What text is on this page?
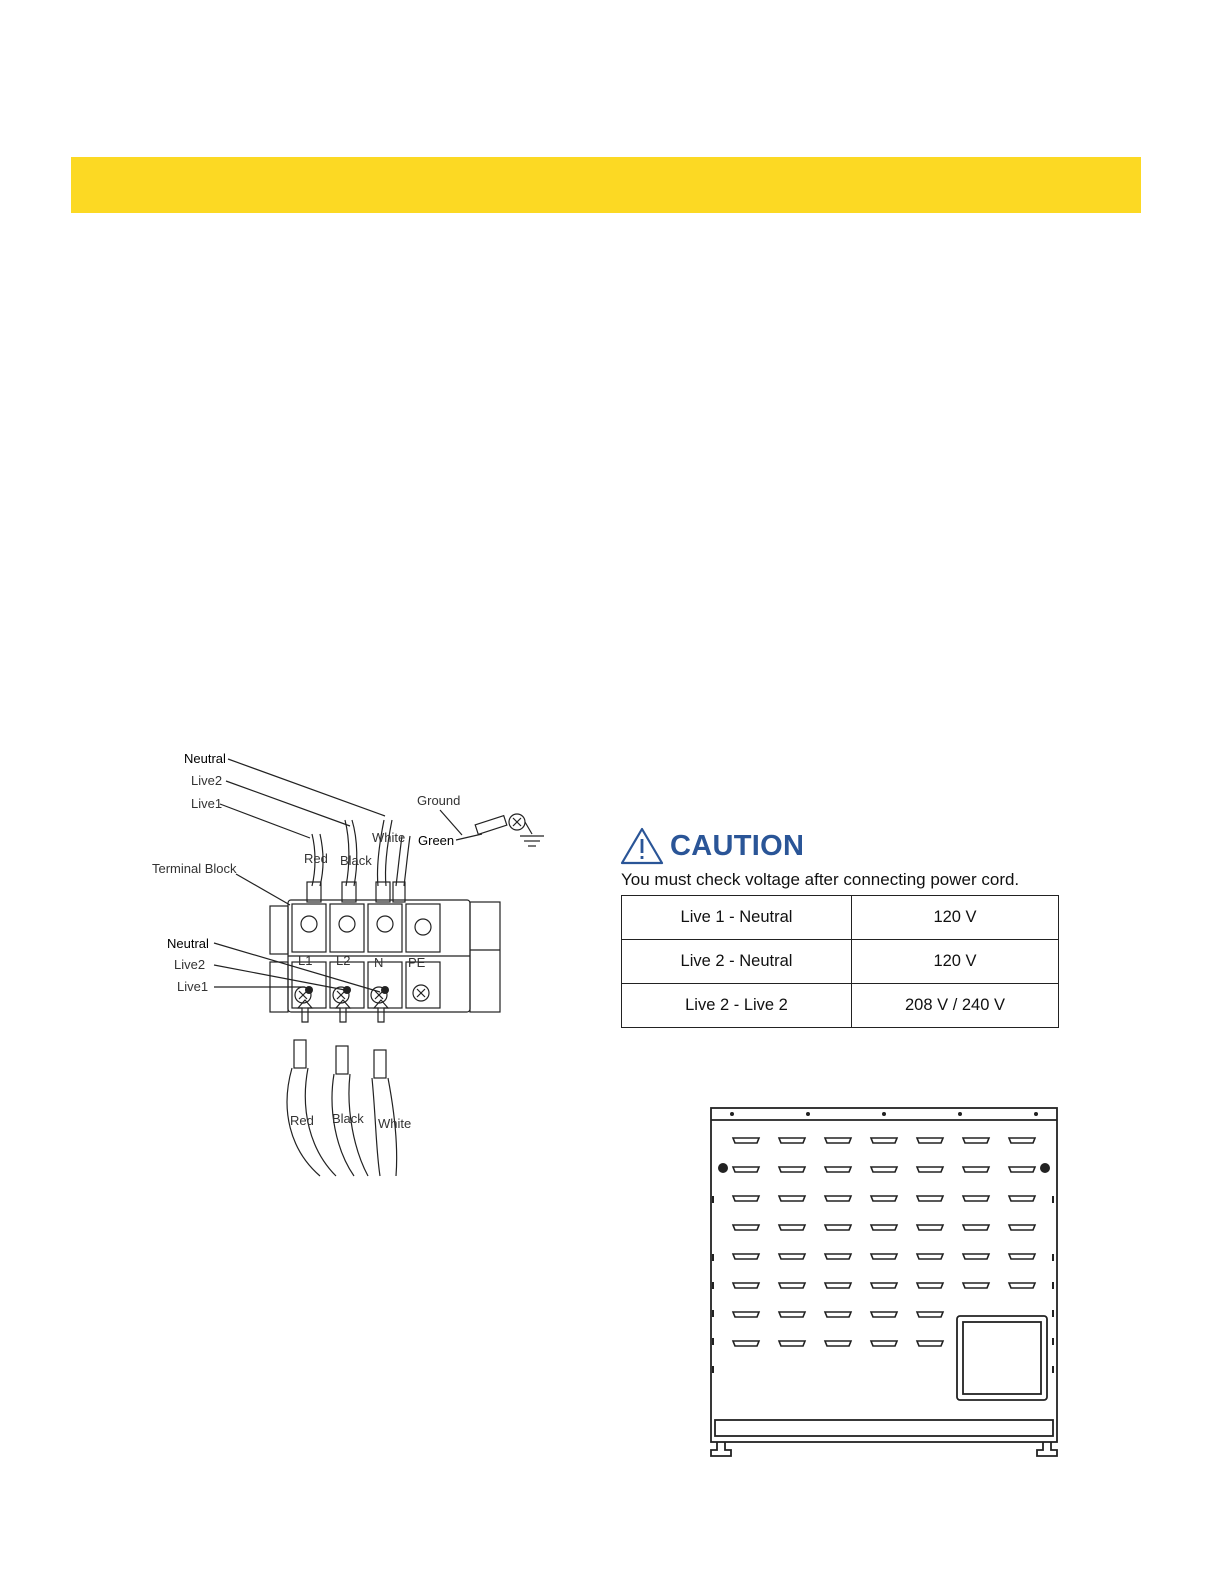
Neutral
Live2
Live1	Ground
White Green
Red Black
Terminal Block
L1 L2 N PE
Neutral
Live2
Live1
Red Black White
CAUTION
You must check voltage after connecting power cord.
Live 1 - Neutral	120 V
Live 2 - Neutral	120 V
Live 2 - Live 2	208 V / 240 V
